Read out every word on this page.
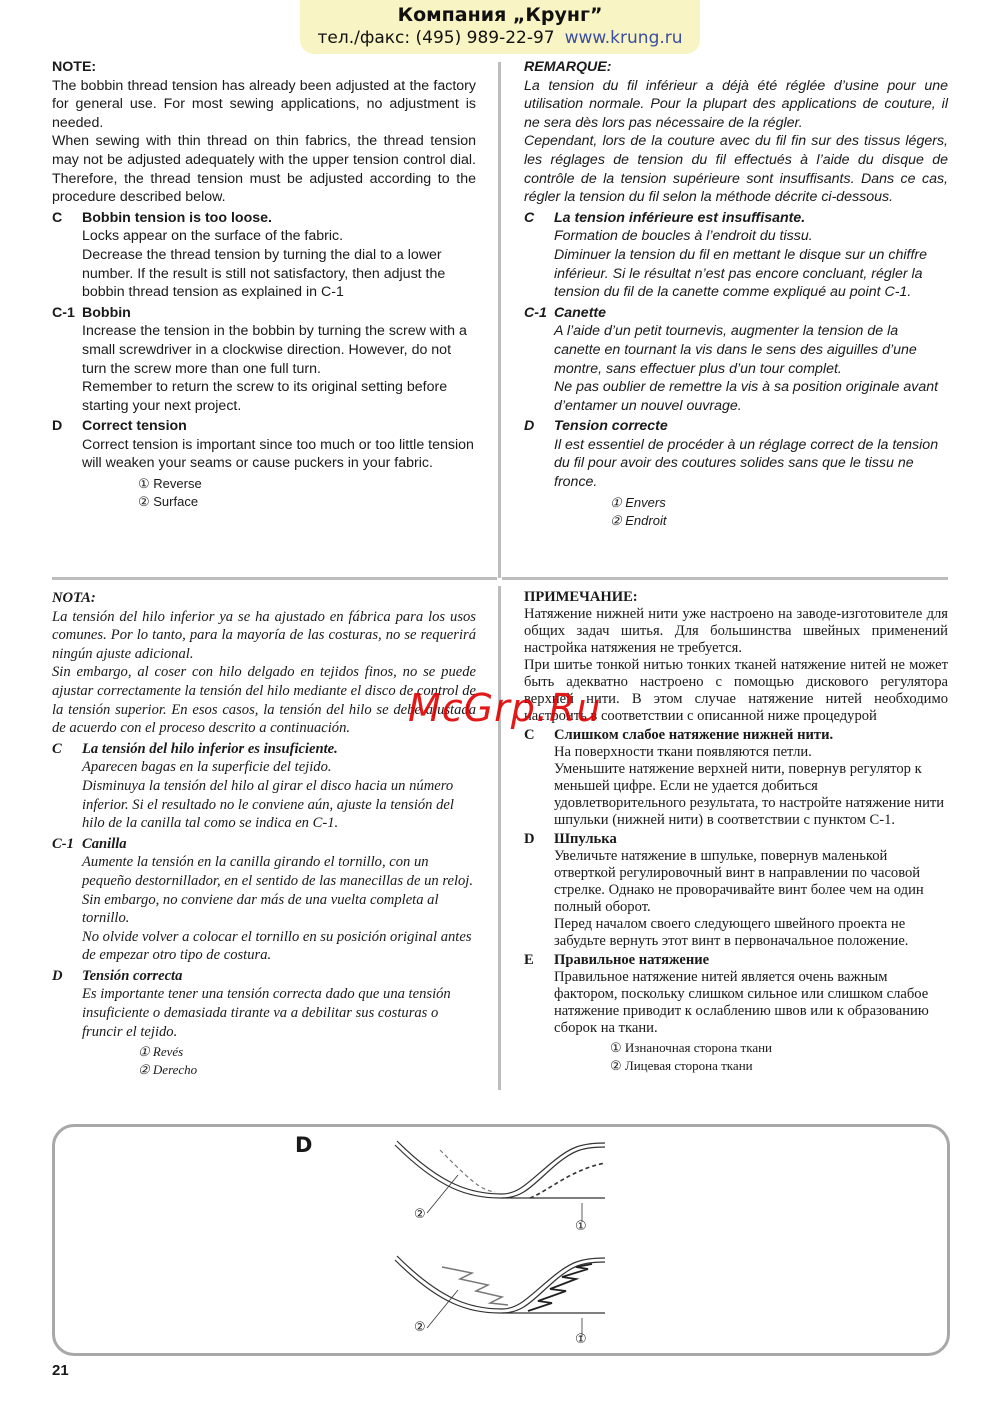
Компания „Крунг”
тел./факс: (495) 989-22-97 www.krung.ru
NOTE:

The bobbin thread tension has already been adjusted at the factory for general use. For most sewing applications, no adjustment is needed.

When sewing with thin thread on thin fabrics, the thread tension may not be adjusted adequately with the upper tension control dial. Therefore, the thread tension must be adjusted according to the procedure described below.

C	Bobbin tension is too loose.
Locks appear on the surface of the fabric.
Decrease the thread tension by turning the dial to a lower number. If the result is still not satisfactory, then adjust the bobbin thread tension as explained in C-1
C-1 Bobbin
Increase the tension in the bobbin by turning the screw with a small screwdriver in a clockwise direction. However, do not turn the screw more than one full turn.
Remember to return the screw to its original setting before starting your next project.
D	Correct tension
Correct tension is important since too much or too little tension will weaken your seams or cause puckers in your fabric.
① Reverse
② Surface
REMARQUE:

La tension du fil inférieur a déjà été réglée d’usine pour une utilisation normale. Pour la plupart des applications de couture, il ne sera dès lors pas nécessaire de la régler.

Cependant, lors de la couture avec du fil fin sur des tissus légers, les réglages de tension du fil effectués à l’aide du disque de contrôle de la tension supérieure sont insuffisants. Dans ce cas, régler la tension du fil selon la méthode décrite ci-dessous.

C	La tension inférieure est insuffisante.
Formation de boucles à l’endroit du tissu.
Diminuer la tension du fil en mettant le disque sur un chiffre inférieur. Si le résultat n’est pas encore concluant, régler la tension du fil de la canette comme expliqué au point C-1.
C-1 Canette
A l’aide d’un petit tournevis, augmenter la tension de la canette en tournant la vis dans le sens des aiguilles d’une montre, sans effectuer plus d’un tour complet.
Ne pas oublier de remettre la vis à sa position originale avant d’entamer un nouvel ouvrage.
D	Tension correcte
Il est essentiel de procéder à un réglage correct de la tension du fil pour avoir des coutures solides sans que le tissu ne fronce.
① Envers
② Endroit
NOTA:

La tensión del hilo inferior ya se ha ajustado en fábrica para los usos comunes. Por lo tanto, para la mayoría de las costuras, no se requerirá ningún ajuste adicional.

Sin embargo, al coser con hilo delgado en tejidos finos, no se puede ajustar correctamente la tensión del hilo mediante el disco de control de la tensión superior. En esos casos, la tensión del hilo se debe ajustada de acuerdo con el proceso descrito a continuación.

C	La tensión del hilo inferior es insuficiente.
Aparecen bagas en la superficie del tejido.
Disminuya la tensión del hilo al girar el disco hacia un número inferior. Si el resultado no le conviene aún, ajuste la tensión del hilo de la canilla tal como se indica en C-1.
C-1 Canilla
Aumente la tensión en la canilla girando el tornillo, con un pequeño destornillador, en el sentido de las manecillas de un reloj. Sin embargo, no conviene dar más de una vuelta completa al tornillo.
No olvide volver a colocar el tornillo en su posición original antes de empezar otro tipo de costura.
D	Tensión correcta
Es importante tener una tensión correcta dado que una tensión insuficiente o demasiada tirante va a debilitar sus costuras o fruncir el tejido.
① Revés
② Derecho
ПРИМЕЧАНИЕ:

Натяжение нижней нити уже настроено на заводе-изготовителе для общих задач шитья. Для большинства швейных применений настройка натяжения не требуется.

При шитье тонкой нитью тонких тканей натяжение нитей не может быть адекватно настроено с помощью дискового регулятора верхней нити. В этом случае натяжение нитей необходимо настроить в соответствии с описанной ниже процедурой

C	Слишком слабое натяжение нижней нити.
На поверхности ткани появляются петли.
Уменьшите натяжение верхней нити, повернув регулятор к меньшей цифре. Если не удается добиться удовлетворительного результата, то настройте натяжение нити шпульки (нижней нити) в соответствии с пунктом C-1.
D	Шпулька
Увеличьте натяжение в шпульке, повернув маленькой отверткой регулировочный винт в направлении по часовой стрелке. Однако не проворачивайте винт более чем на один полный оборот.
Перед началом своего следующего швейного проекта не забудьте вернуть этот винт в первоначальное положение.
E	Правильное натяжение
Правильное натяжение нитей является очень важным фактором, поскольку слишком сильное или слишком слабое натяжение приводит к ослаблению швов или к образованию сборок на ткани.
① Изнаночная сторона ткани
② Лицевая сторона ткани
McGrp.Ru
D
②
①
②
①
21
